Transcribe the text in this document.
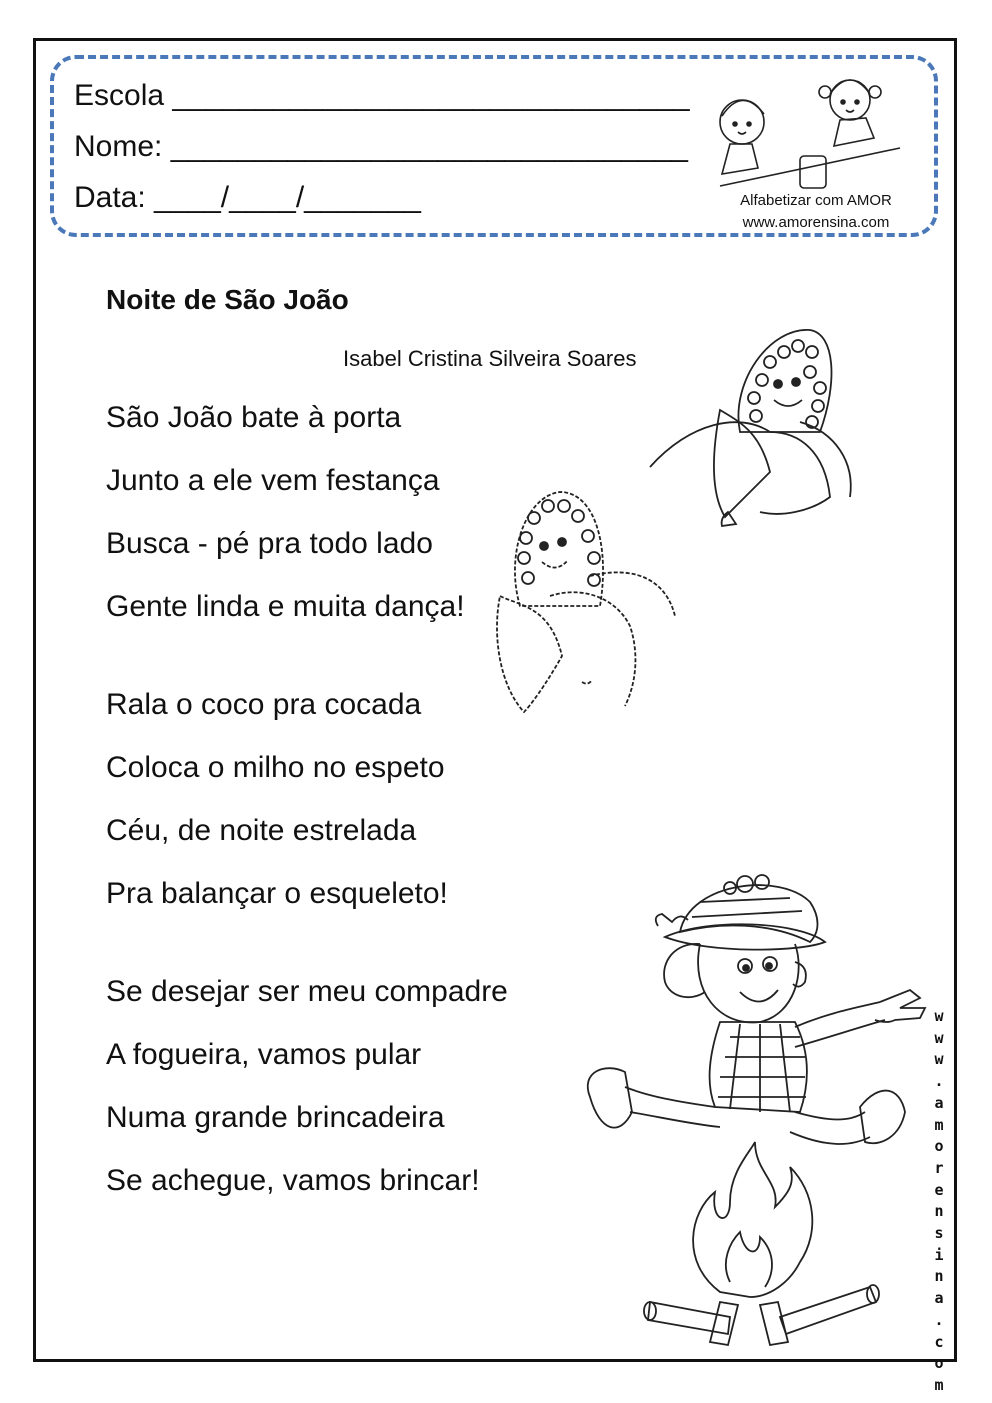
Escola _______________________________
Nome: _______________________________
Data: ____/____/_______	Alfabetizar com AMOR
www.amorensina.com
Noite de São João
Isabel Cristina Silveira Soares
São João bate à porta
Junto a ele vem festança
Busca - pé pra todo lado
Gente linda e muita dança!
Rala o coco pra cocada
Coloca o milho no espeto
Céu, de noite estrelada
Pra balançar o esqueleto!
Se desejar ser meu compadre
A fogueira, vamos pular
Numa grande brincadeira
Se achegue, vamos brincar!
w
w
w
.
a
m
o
r
e
n
s
i
n
a
.
c
o
m
